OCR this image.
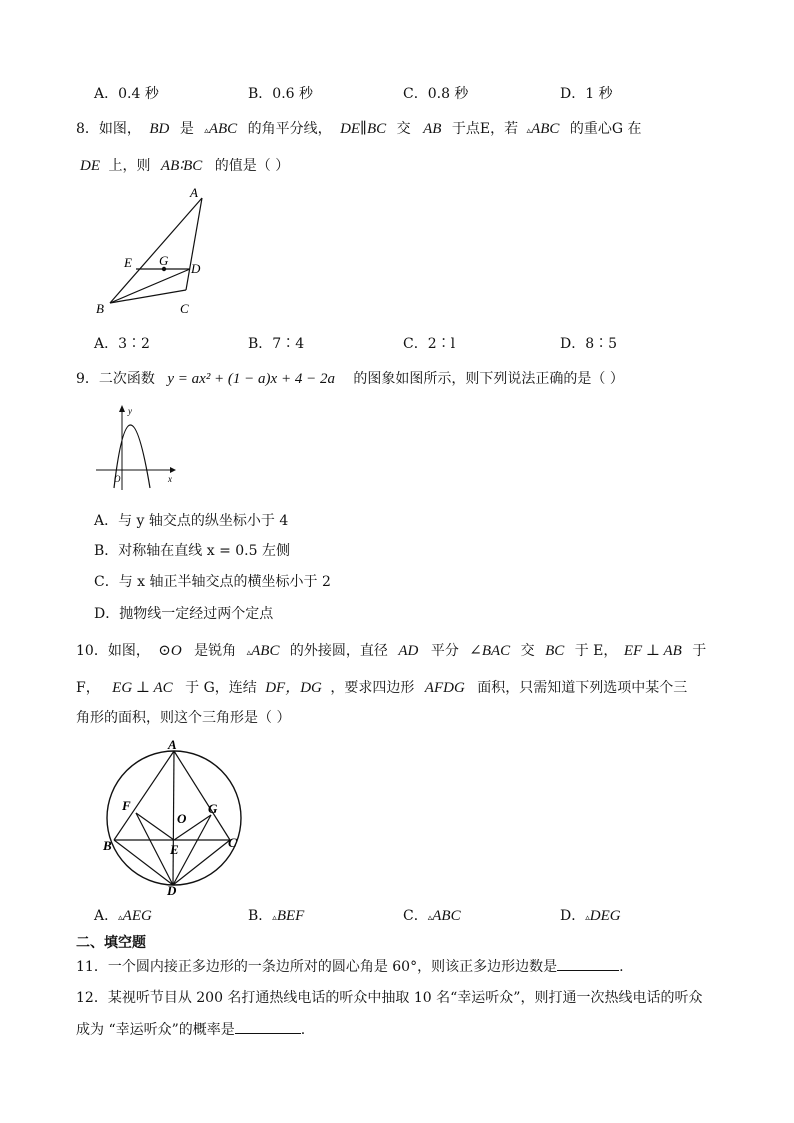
A．0.4 秒	B．0.6 秒	C．0.8 秒	D．1 秒
8．如图， BD 是 ▵ABC 的角平分线， DE∥BC 交 AB 于点E，若 ▵ABC 的重心G 在
DE 上，则 AB∶BC 的值是（ ）
A
E G
D
B	C
A．3∶2	B．7∶4	C．2∶l	D．8∶5
9．二次函数 y = ax² + (1 − a)x + 4 − 2a 的图象如图所示，则下列说法正确的是（ ）
y
O	x
A．与 y 轴交点的纵坐标小于 4
B．对称轴在直线 x = 0.5 左侧
C．与 x 轴正半轴交点的横坐标小于 2
D．抛物线一定经过两个定点
10．如图， ⊙O 是锐角 ▵ABC 的外接圆，直径 AD 平分 ∠BAC 交 BC 于 E， EF ⊥ AB 于
F， EG ⊥ AC 于 G，连结 DF，DG ，要求四边形 AFDG 面积，只需知道下列选项中某个三
角形的面积，则这个三角形是（ ）
A
F
O
G
B	E	C
D
A．▵AEG	B．▵BEF	C．▵ABC	D．▵DEG
二、填空题
11．一个圆内接正多边形的一条边所对的圆心角是 60°，则该正多边形边数是	.
12．某视听节目从 200 名打通热线电话的听众中抽取 10 名“幸运听众”，则打通一次热线电话的听众
成为 “幸运听众”的概率是	.
